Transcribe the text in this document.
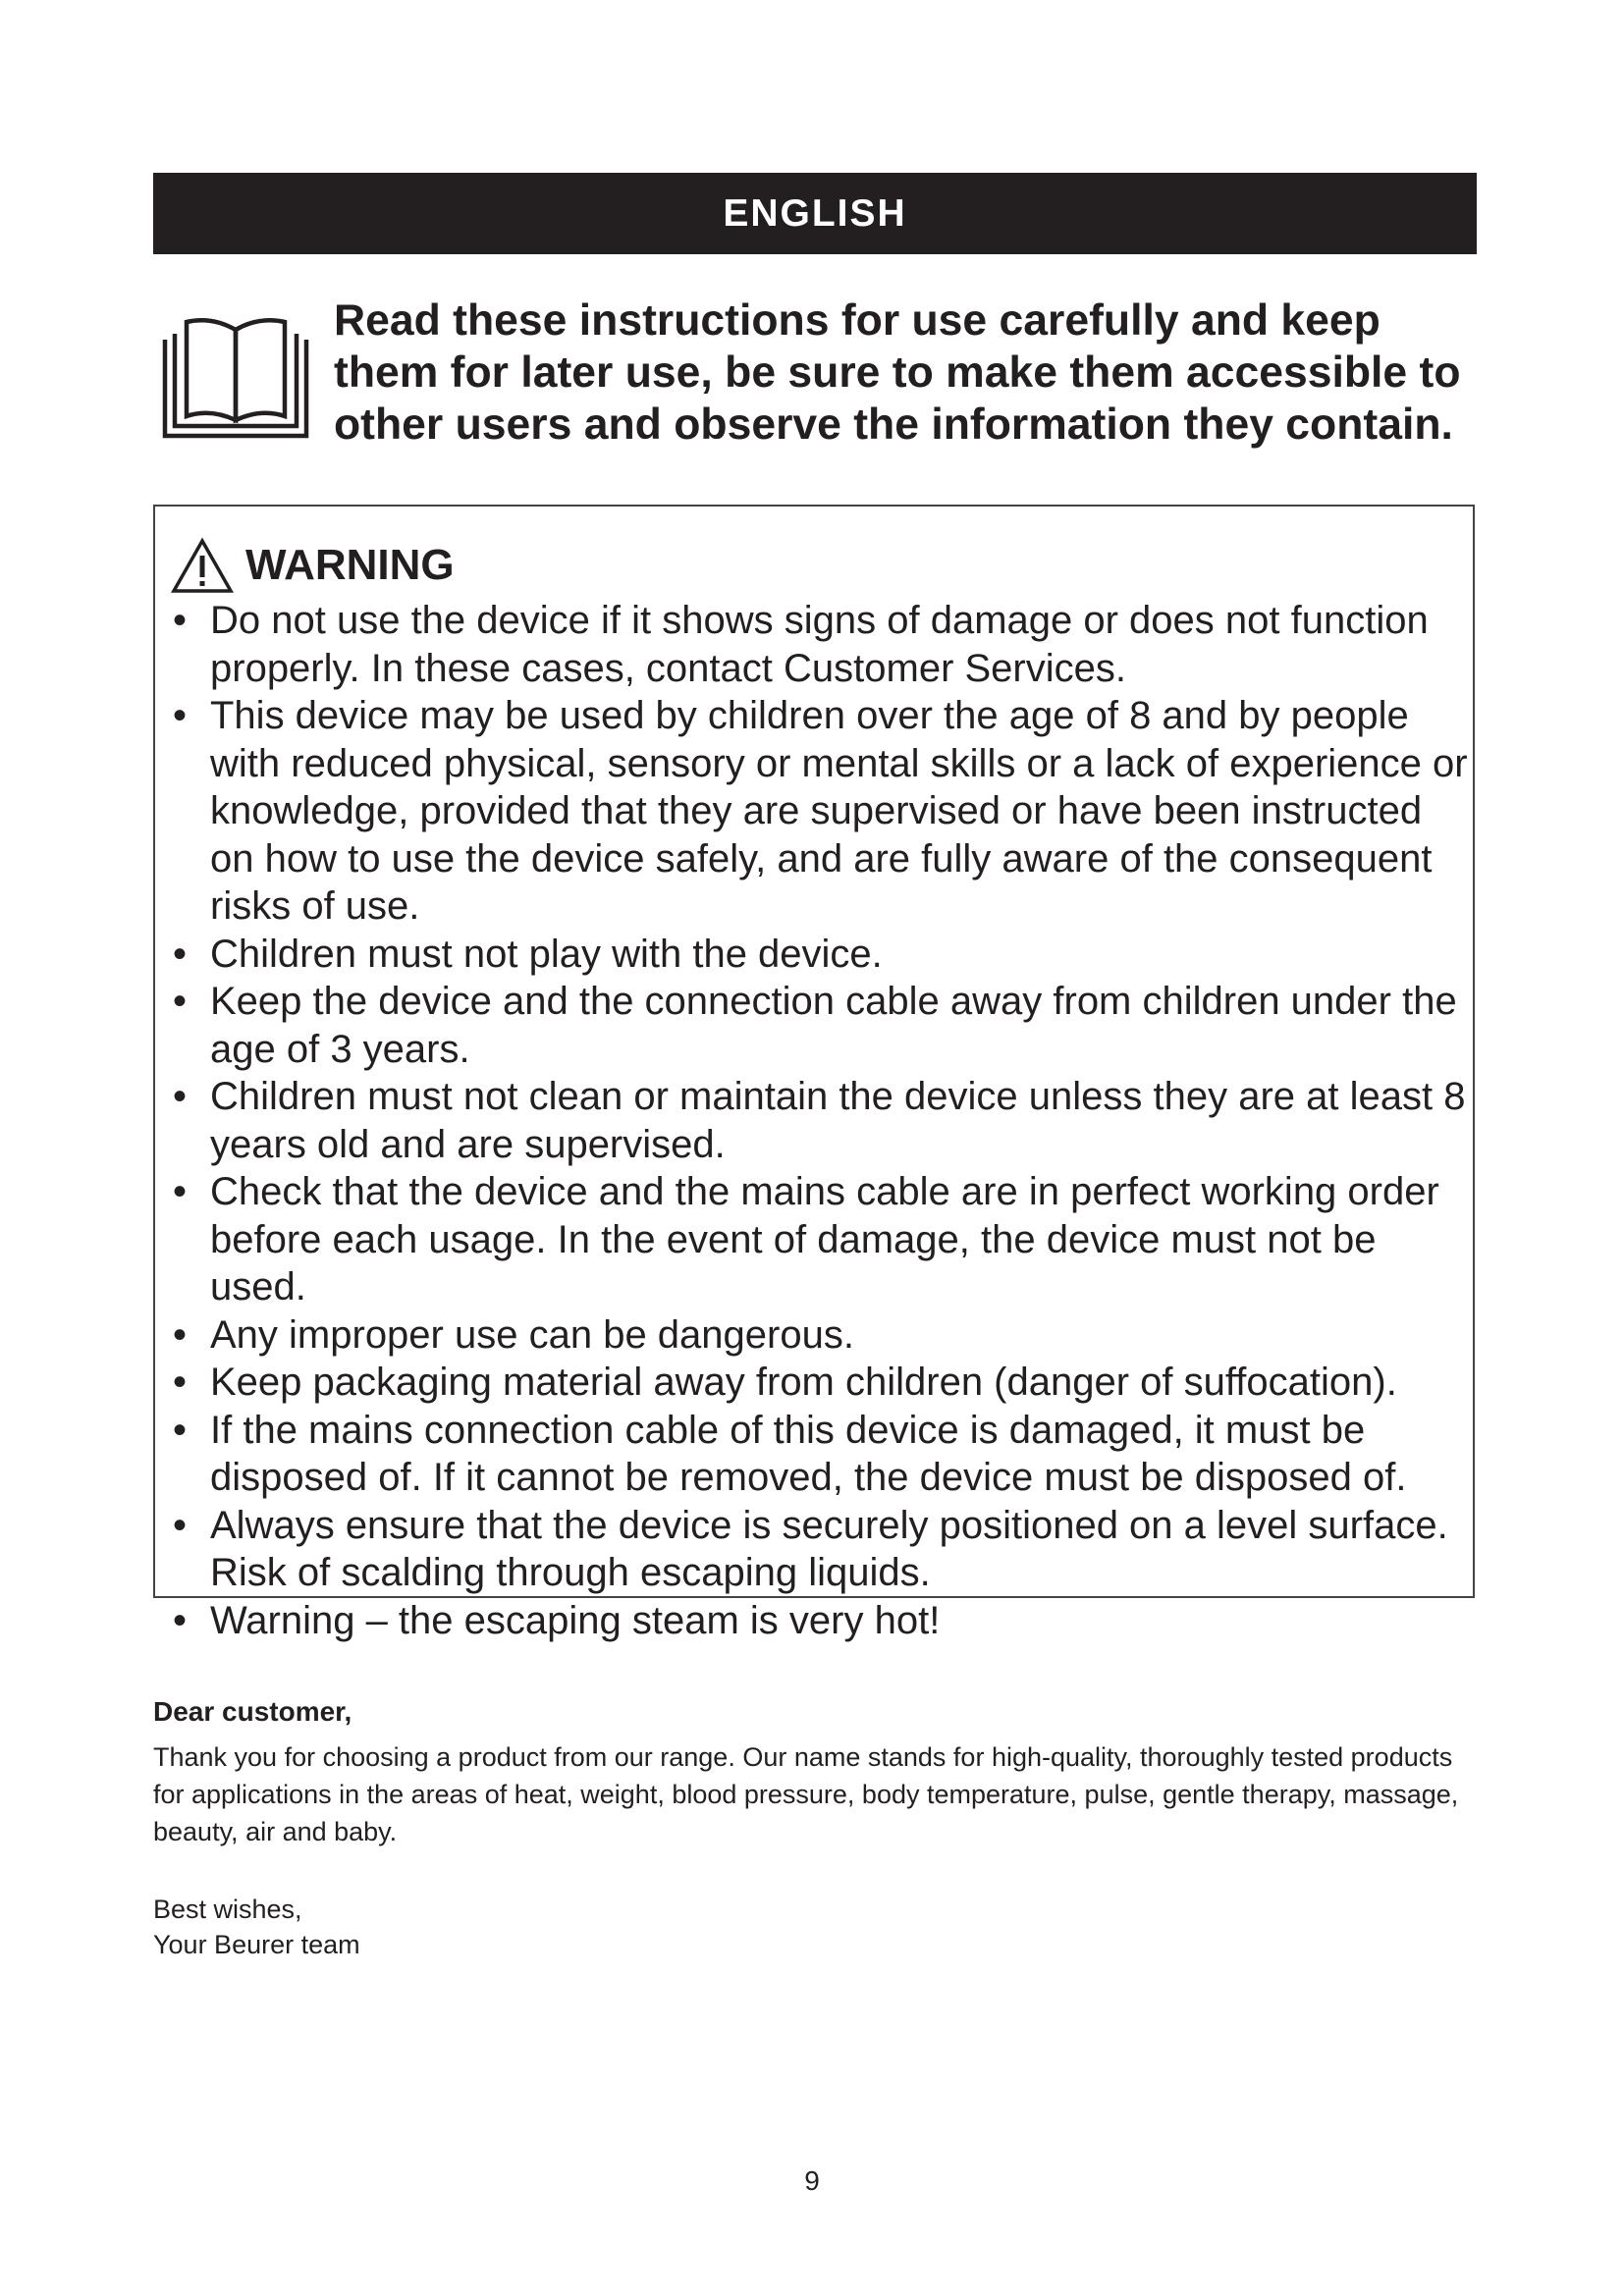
ENGLISH

Read these instructions for use carefully and keep them for later use, be sure to make them accessible to other users and observe the information they contain.

WARNING
• Do not use the device if it shows signs of damage or does not function properly. In these cases, contact Customer Services.
• This device may be used by children over the age of 8 and by people with reduced physical, sensory or mental skills or a lack of experience or knowledge, provided that they are supervised or have been instructed on how to use the device safely, and are fully aware of the consequent risks of use.
• Children must not play with the device.
• Keep the device and the connection cable away from children under the age of 3 years.
• Children must not clean or maintain the device unless they are at least 8 years old and are supervised.
• Check that the device and the mains cable are in perfect working order before each usage. In the event of damage, the device must not be used.
• Any improper use can be dangerous.
• Keep packaging material away from children (danger of suffocation).
• If the mains connection cable of this device is damaged, it must be disposed of. If it cannot be removed, the device must be disposed of.
• Always ensure that the device is securely positioned on a level surface. Risk of scalding through escaping liquids.
• Warning – the escaping steam is very hot!

Dear customer,

Thank you for choosing a product from our range. Our name stands for high-quality, thoroughly tested products for applications in the areas of heat, weight, blood pressure, body temperature, pulse, gentle therapy, massage, beauty, air and baby.

Best wishes,

Your Beurer team

9
